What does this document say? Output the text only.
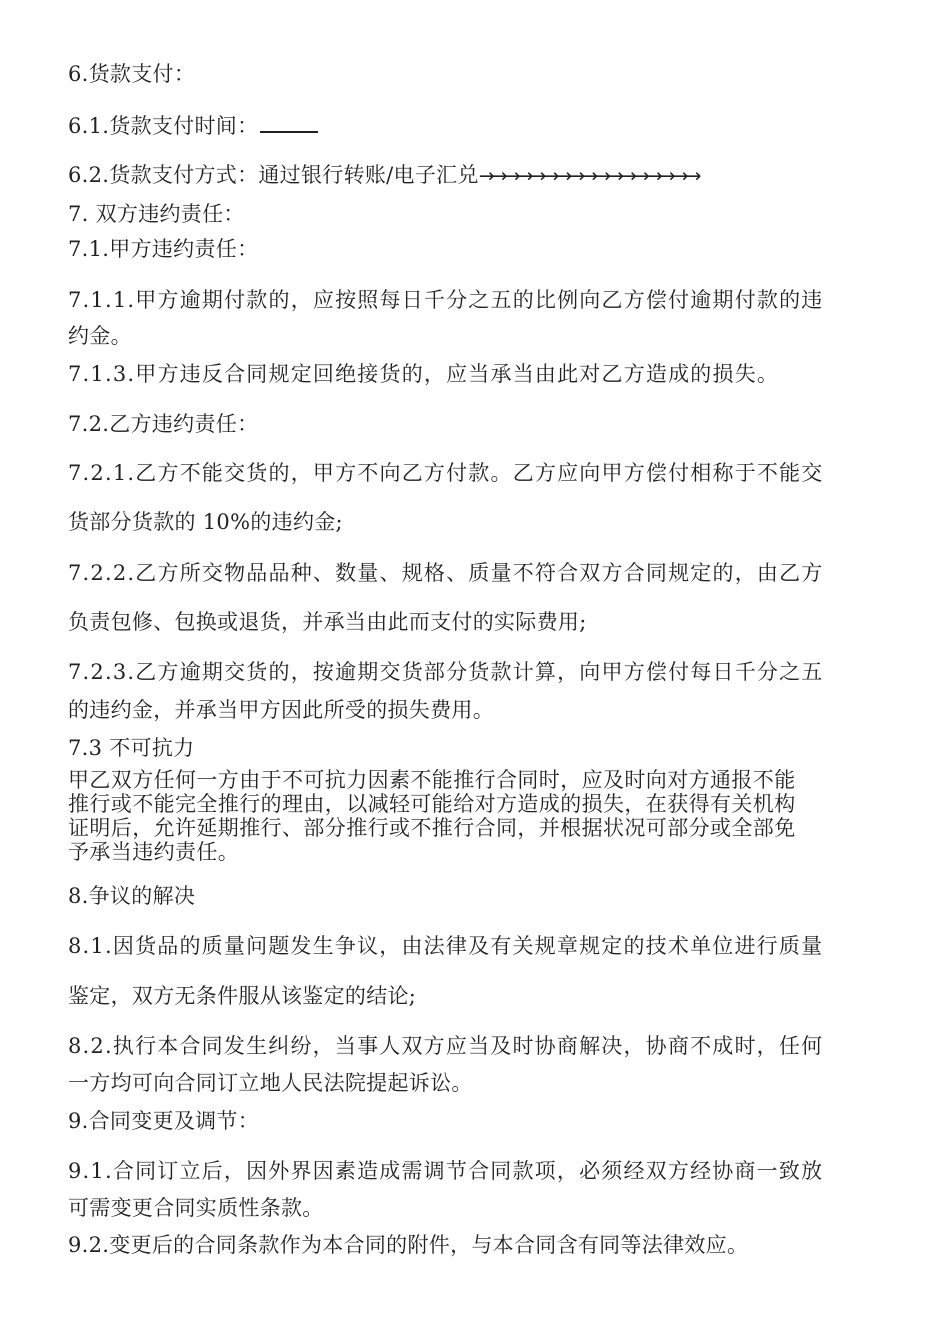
6.货款支付：
6.1.货款支付时间：
6.2.货款支付方式：通过银行转账/电子汇兑→→→→→→→→→→→→→→→→→
7. 双方违约责任：
7.1.甲方违约责任：
7.1.1.甲方逾期付款的，应按照每日千分之五的比例向乙方偿付逾期付款的违
约金。
7.1.3.甲方违反合同规定回绝接货的，应当承当由此对乙方造成的损失。
7.2.乙方违约责任：
7.2.1.乙方不能交货的，甲方不向乙方付款。乙方应向甲方偿付相称于不能交
货部分货款的 10%的违约金;
7.2.2.乙方所交物品品种、数量、规格、质量不符合双方合同规定的，由乙方
负责包修、包换或退货，并承当由此而支付的实际费用;
7.2.3.乙方逾期交货的，按逾期交货部分货款计算，向甲方偿付每日千分之五
的违约金，并承当甲方因此所受的损失费用。
7.3 不可抗力
甲乙双方任何一方由于不可抗力因素不能推行合同时，应及时向对方通报不能
推行或不能完全推行的理由，以减轻可能给对方造成的损失，在获得有关机构
证明后，允许延期推行、部分推行或不推行合同，并根据状况可部分或全部免
予承当违约责任。
8.争议的解决
8.1.因货品的质量问题发生争议，由法律及有关规章规定的技术单位进行质量
鉴定，双方无条件服从该鉴定的结论;
8.2.执行本合同发生纠纷，当事人双方应当及时协商解决，协商不成时，任何
一方均可向合同订立地人民法院提起诉讼。
9.合同变更及调节：
9.1.合同订立后，因外界因素造成需调节合同款项，必须经双方经协商一致放
可需变更合同实质性条款。
9.2.变更后的合同条款作为本合同的附件，与本合同含有同等法律效应。
